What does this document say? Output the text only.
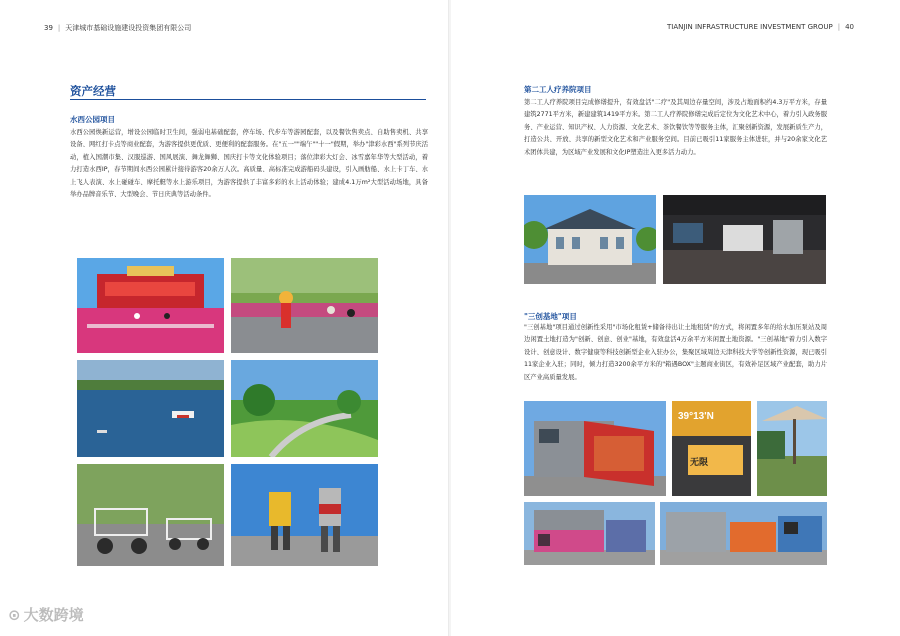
39 | 天津城市基础设施建设投资集团有限公司
资产经营
水西公园项目
水西公园焕新运营，增设公园临时卫生间，强弱电基础配套，停车场、代步车等游园配套，以及餐饮售卖点、自助售卖机、共享设备、网红打卡点等商业配套，为游客提供更优质、更便利的配套服务。在"五一""端午""十一"假期，举办"津彩水西"系列节庆活动，植入国潮市集、汉服巡游、国风展演、舞龙舞狮、国庆打卡等文化体验项目；落位津彩大灯会、冰雪嘉年华等大型活动，着力打造水西IP，春节期间水西公园累计接待游客20余万人次。高质量、高标准完成游船码头建设，引入画舫船、水上卡丁车、水上飞人表演、水上碰碰车、摩托艇等水上游乐项目，为游客提供了丰富多彩的水上活动体验；建成4.1万m²大型活动场地，具备举办品牌音乐节、大型晚会、节日庆典等活动条件。
⊙ 大数跨境
TIANJIN INFRASTRUCTURE INVESTMENT GROUP | 40
第二工人疗养院项目
第二工人疗养院项目完成修缮提升，有效盘活"二疗"及其周边存量空间，涉及占地面积约4.3万平方米，存量建筑2771平方米，新建建筑1419平方米。第二工人疗养院修缮完成后定位为文化艺术中心，着力引入政务服务、产业运营、知识产权、人力资源、文化艺术、茶饮餐饮等等服务主体，汇聚创新资源，发展新质生产力，打造公共、开放、共享的新型文化艺术和产业服务空间。目前已吸引11家服务主体进驻，并与20余家文化艺术团体共建，为区域产业发展和文化IP塑造注入更多活力动力。
"三创基地"项目
"三创基地"项目通过创新性采用"市场化租赁+储备待出让土地租赁"的方式，将闲置多年的给水加压泵站及周边闲置土地打造为"创新、创意、创业"基地，有效盘活4万余平方米闲置土地资源。"三创基地"着力引入数字设计、创意设计、数字健康等科技创新型企业入驻办公，集聚区域周边天津科技大学等创新性资源，现已吸引11家企业入驻；同时，倾力打造3200余平方米的"箱遇BOX"主题商业街区，有效补足区域产业配套，助力片区产业高质量发展。
无限
39°13'N
